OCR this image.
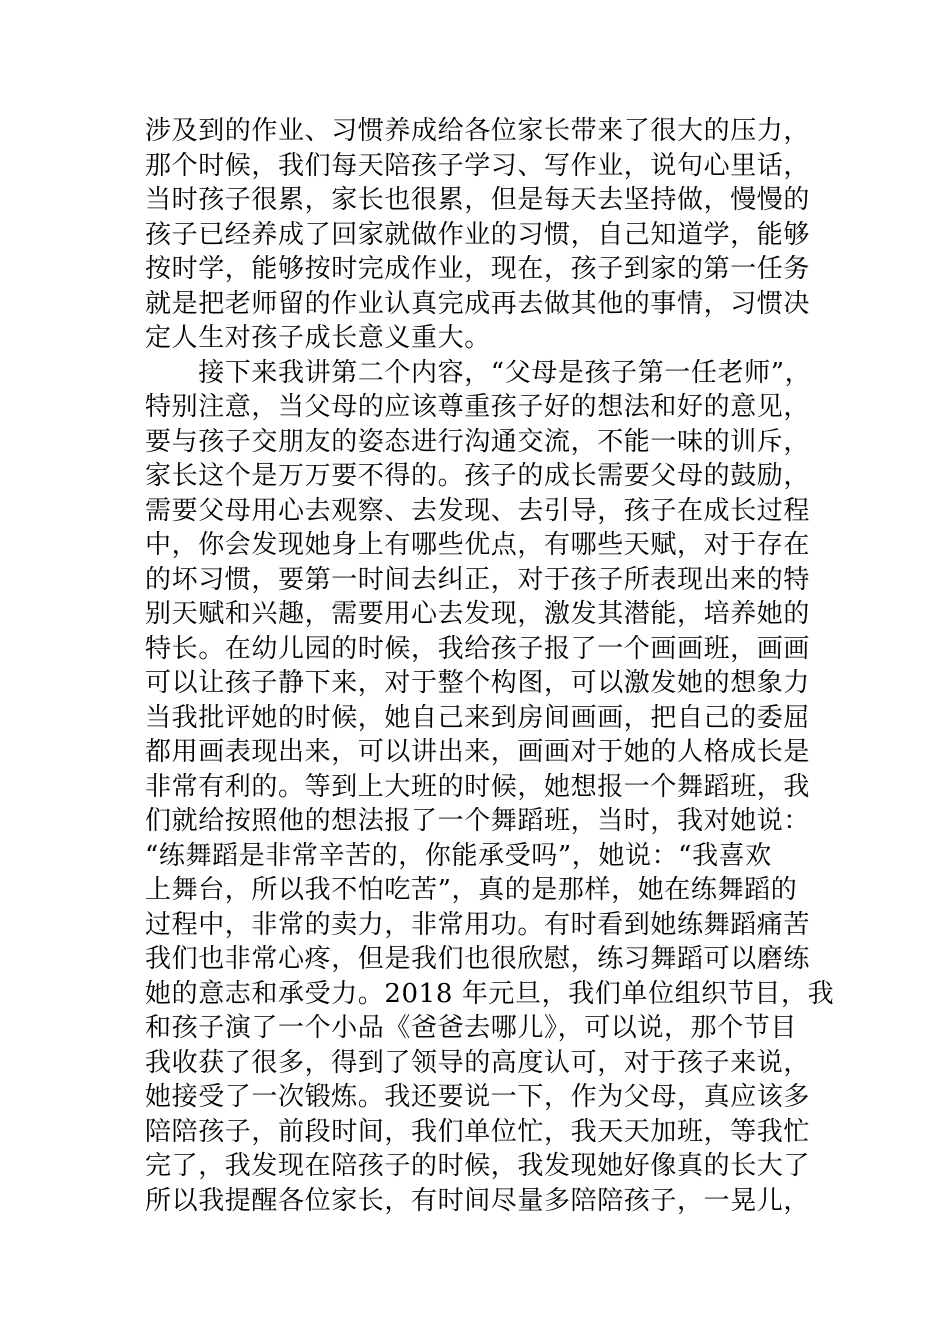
涉及到的作业、习惯养成给各位家长带来了很大的压力，
那个时候，我们每天陪孩子学习、写作业，说句心里话，
当时孩子很累，家长也很累，但是每天去坚持做，慢慢的
孩子已经养成了回家就做作业的习惯，自己知道学，能够
按时学，能够按时完成作业，现在，孩子到家的第一任务
就是把老师留的作业认真完成再去做其他的事情，习惯决
定人生对孩子成长意义重大。
　　接下来我讲第二个内容，“父母是孩子第一任老师”，
特别注意，当父母的应该尊重孩子好的想法和好的意见，
要与孩子交朋友的姿态进行沟通交流，不能一味的训斥，
家长这个是万万要不得的。孩子的成长需要父母的鼓励，
需要父母用心去观察、去发现、去引导，孩子在成长过程
中，你会发现她身上有哪些优点，有哪些天赋，对于存在
的坏习惯，要第一时间去纠正，对于孩子所表现出来的特
别天赋和兴趣，需要用心去发现，激发其潜能，培养她的
特长。在幼儿园的时候，我给孩子报了一个画画班，画画
可以让孩子静下来，对于整个构图，可以激发她的想象力
当我批评她的时候，她自己来到房间画画，把自己的委屈
都用画表现出来，可以讲出来，画画对于她的人格成长是
非常有利的。等到上大班的时候，她想报一个舞蹈班，我
们就给按照他的想法报了一个舞蹈班，当时，我对她说：
“练舞蹈是非常辛苦的，你能承受吗”，她说：“我喜欢
上舞台，所以我不怕吃苦”，真的是那样，她在练舞蹈的
过程中，非常的卖力，非常用功。有时看到她练舞蹈痛苦
我们也非常心疼，但是我们也很欣慰，练习舞蹈可以磨练
她的意志和承受力。2018 年元旦，我们单位组织节目，我
和孩子演了一个小品《爸爸去哪儿》，可以说，那个节目
我收获了很多，得到了领导的高度认可，对于孩子来说，
她接受了一次锻炼。我还要说一下，作为父母，真应该多
陪陪孩子，前段时间，我们单位忙，我天天加班，等我忙
完了，我发现在陪孩子的时候，我发现她好像真的长大了
所以我提醒各位家长，有时间尽量多陪陪孩子，一晃儿，
